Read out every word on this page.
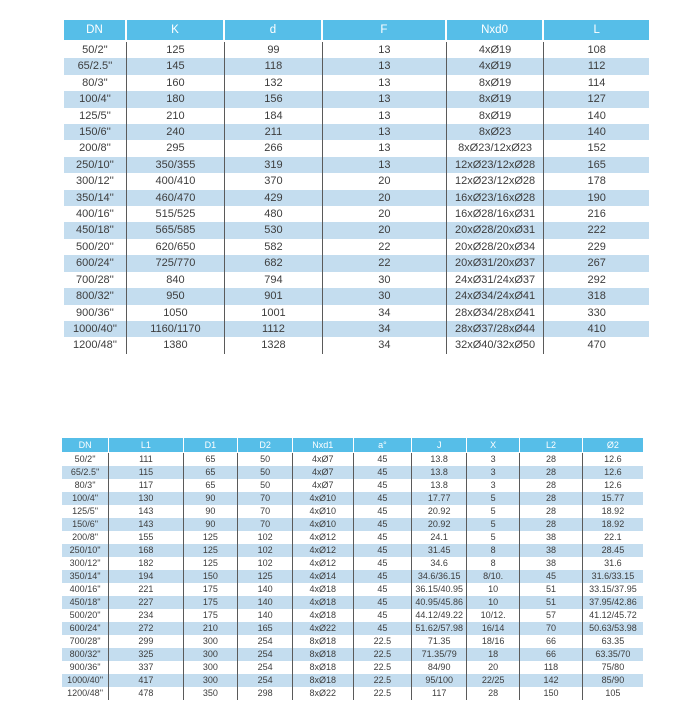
DN	K	d	F	Nxd0	L
50/2''	125	99	13	4xØ19	108
65/2.5''	145	118	13	4xØ19	112
80/3''	160	132	13	8xØ19	114
100/4''	180	156	13	8xØ19	127
125/5''	210	184	13	8xØ19	140
150/6''	240	211	13	8xØ23	140
200/8''	295	266	13	8xØ23/12xØ23	152
250/10''	350/355	319	13	12xØ23/12xØ28	165
300/12''	400/410	370	20	12xØ23/12xØ28	178
350/14''	460/470	429	20	16xØ23/16xØ28	190
400/16''	515/525	480	20	16xØ28/16xØ31	216
450/18''	565/585	530	20	20xØ28/20xØ31	222
500/20''	620/650	582	22	20xØ28/20xØ34	229
600/24''	725/770	682	22	20xØ31/20xØ37	267
700/28''	840	794	30	24xØ31/24xØ37	292
800/32''	950	901	30	24xØ34/24xØ41	318
900/36''	1050	1001	34	28xØ34/28xØ41	330
1000/40''	1160/1170	1112	34	28xØ37/28xØ44	410
1200/48''	1380	1328	34	32xØ40/32xØ50	470
DN	L1	D1	D2	Nxd1	a°	J	X	L2	Ø2
50/2''	111	65	50	4xØ7	45	13.8	3	28	12.6
65/2.5''	115	65	50	4xØ7	45	13.8	3	28	12.6
80/3''	117	65	50	4xØ7	45	13.8	3	28	12.6
100/4''	130	90	70	4xØ10	45	17.77	5	28	15.77
125/5''	143	90	70	4xØ10	45	20.92	5	28	18.92
150/6''	143	90	70	4xØ10	45	20.92	5	28	18.92
200/8''	155	125	102	4xØ12	45	24.1	5	38	22.1
250/10''	168	125	102	4xØ12	45	31.45	8	38	28.45
300/12''	182	125	102	4xØ12	45	34.6	8	38	31.6
350/14''	194	150	125	4xØ14	45	34.6/36.15	8/10.	45	31.6/33.15
400/16''	221	175	140	4xØ18	45	36.15/40.95	10	51	33.15/37.95
450/18''	227	175	140	4xØ18	45	40.95/45.86	10	51	37.95/42.86
500/20''	234	175	140	4xØ18	45	44.12/49.22	10/12.	57	41.12/45.72
600/24''	272	210	165	4xØ22	45	51.62/57.98	16/14	70	50.63/53.98
700/28''	299	300	254	8xØ18	22.5	71.35	18/16	66	63.35
800/32''	325	300	254	8xØ18	22.5	71.35/79	18	66	63.35/70
900/36''	337	300	254	8xØ18	22.5	84/90	20	118	75/80
1000/40''	417	300	254	8xØ18	22.5	95/100	22/25	142	85/90
1200/48''	478	350	298	8xØ22	22.5	117	28	150	105
